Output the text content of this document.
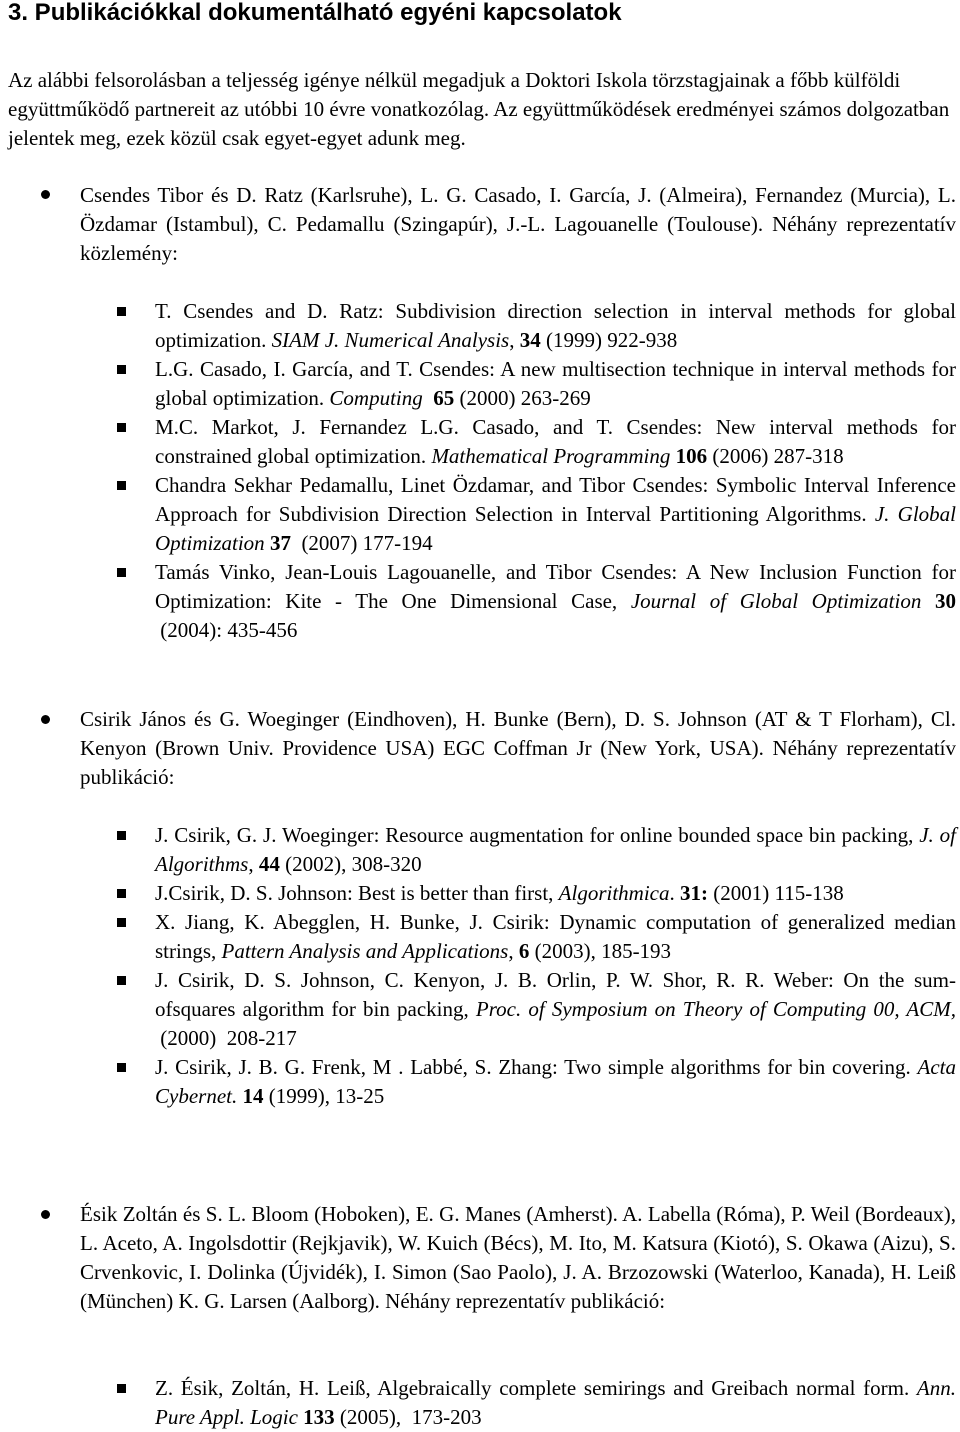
3. Publikációkkal dokumentálható egyéni kapcsolatok

Az alábbi felsorolásban a teljesség igénye nélkül megadjuk a Doktori Iskola törzstagjainak a főbb külföldi együttműködő partnereit az utóbbi 10 évre vonatkozólag. Az együttműködések eredményei számos dolgozatban jelentek meg, ezek közül csak egyet-egyet adunk meg.

Csendes Tibor és D. Ratz (Karlsruhe), L. G. Casado, I. García, J. (Almeira), Fernandez (Murcia), L. Özdamar (Istambul), C. Pedamallu (Szingapúr), J.-L. Lagouanelle (Toulouse). Néhány reprezentatív közlemény:

T. Csendes and D. Ratz: Subdivision direction selection in interval methods for global optimization. SIAM J. Numerical Analysis, 34 (1999) 922-938
L.G. Casado, I. García, and T. Csendes: A new multisection technique in interval methods for global optimization. Computing 65 (2000) 263-269
M.C. Markot, J. Fernandez L.G. Casado, and T. Csendes: New interval methods for constrained global optimization. Mathematical Programming 106 (2006) 287-318
Chandra Sekhar Pedamallu, Linet Özdamar, and Tibor Csendes: Symbolic Interval Inference Approach for Subdivision Direction Selection in Interval Partitioning Algorithms. J. Global Optimization 37  (2007) 177-194
Tamás Vinko, Jean-Louis Lagouanelle, and Tibor Csendes: A New Inclusion Function for Optimization: Kite - The One Dimensional Case, Journal of Global Optimization 30 (2004): 435-456

Csirik János és G. Woeginger (Eindhoven), H. Bunke (Bern), D. S. Johnson (AT & T Florham), Cl. Kenyon (Brown Univ. Providence USA) EGC Coffman Jr (New York, USA). Néhány reprezentatív publikáció:

J. Csirik, G. J. Woeginger: Resource augmentation for online bounded space bin packing, J. of Algorithms, 44 (2002), 308-320
J.Csirik, D. S. Johnson: Best is better than first, Algorithmica. 31: (2001) 115-138
X. Jiang, K. Abegglen, H. Bunke, J. Csirik: Dynamic computation of generalized median strings, Pattern Analysis and Applications, 6 (2003), 185-193
J. Csirik, D. S. Johnson, C. Kenyon, J. B. Orlin, P. W. Shor, R. R. Weber: On the sum-ofsquares algorithm for bin packing, Proc. of Symposium on Theory of Computing 00, ACM, (2000)  208-217
J. Csirik, J. B. G. Frenk, M . Labbé, S. Zhang: Two simple algorithms for bin covering. Acta Cybernet. 14 (1999), 13-25

Ésik Zoltán és S. L. Bloom (Hoboken), E. G. Manes (Amherst). A. Labella (Róma), P. Weil (Bordeaux), L. Aceto, A. Ingolsdottir (Rejkjavik), W. Kuich (Bécs), M. Ito, M. Katsura (Kiotó), S. Okawa (Aizu), S. Crvenkovic, I. Dolinka (Újvidék), I. Simon (Sao Paolo), J. A. Brzozowski (Waterloo, Kanada), H. Leiß (München) K. G. Larsen (Aalborg). Néhány reprezentatív publikáció:

Z. Ésik, Zoltán, H. Leiß, Algebraically complete semirings and Greibach normal form. Ann. Pure Appl. Logic 133 (2005),  173-203
